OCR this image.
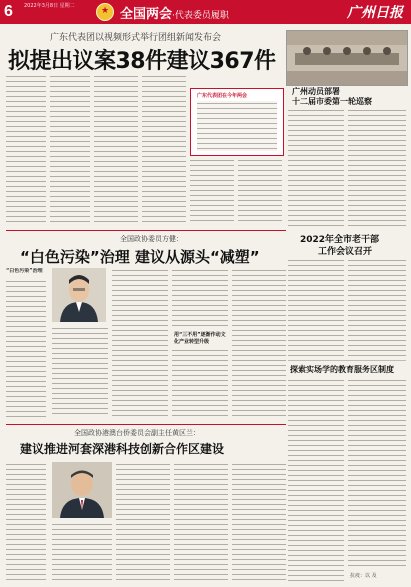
6 2022年3月8日 星期二	★ 全国两会·代表委员履职	广州日报
广东代表团以视频形式举行团组新闻发布会
拟提出议案38件建议367件
广东代表团在今年两会	广州动员部署
十二届市委第一轮巡察
全国政协委员方健：
“白色污染”治理 建议从源头“减塑”
“白色污染”治理
用“三不用”逐渐作动文化产业转型升级
2022年全市老干部
工作会议召开
探索实场学的教育服务区制度
抗疫：以 及
全国政协港澳台侨委员会副主任黄区兰：
建议推进河套深港科技创新合作区建设
